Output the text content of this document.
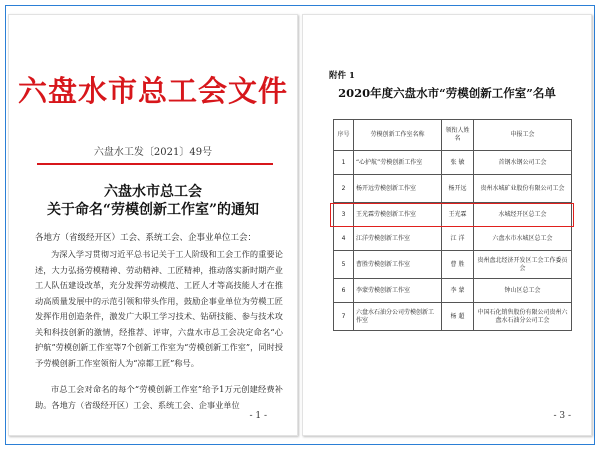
六盘水市总工会文件
六盘水工发〔2021〕49号
六盘水市总工会
关于命名“劳模创新工作室”的通知
各地方（省级经开区）工会、系统工会、企事业单位工会：
为深入学习贯彻习近平总书记关于工人阶级和工会工作的重要论述，大力弘扬劳模精神、劳动精神、工匠精神，推动落实新时期产业工人队伍建设改革，充分发挥劳动模范、工匠人才等高技能人才在推动高质量发展中的示范引领和带头作用，鼓励企事业单位为劳模工匠发挥作用创造条件，激发广大职工学习技术、钻研技能、参与技术攻关和科技创新的激情，经推荐、评审，六盘水市总工会决定命名“心护航”劳模创新工作室等7个创新工作室为“劳模创新工作室”，同时授予劳模创新工作室领衔人为“凉都工匠”称号。
市总工会对命名的每个“劳模创新工作室”给予1万元创建经费补助。各地方（省级经开区）工会、系统工会、企事业单位
- 1 -
附件 1
2020年度六盘水市“劳模创新工作室”名单
序号	劳模创新工作室名称	领衔人姓名	申报工会
1	“心护航”劳模创新工作室	张 敏	首钢水钢公司工会
2	杨开远劳模创新工作室	杨开远	贵州水城矿业股份有限公司工会
3	王光霖劳模创新工作室	王光霖	水城经开区总工会
4	江洋劳模创新工作室	江 洋	六盘水市水城区总工会
5	曹胜劳模创新工作室	曹 胜	贵州盘北经济开发区工会工作委员会
6	李蒙劳模创新工作室	李 蒙	钟山区总工会
7	六盘水石油分公司劳模创新工作室	杨 超	中国石化销售股份有限公司贵州六盘水石油分公司工会
- 3 -
